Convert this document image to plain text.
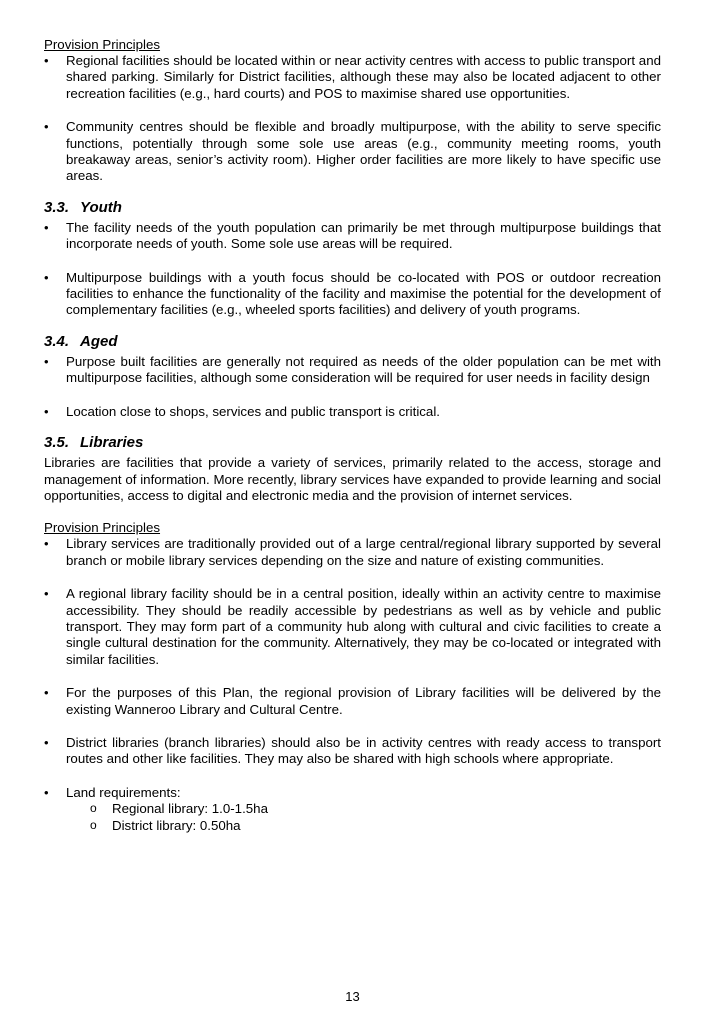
Provision Principles
• Regional facilities should be located within or near activity centres with access to public transport and shared parking. Similarly for District facilities, although these may also be located adjacent to other recreation facilities (e.g., hard courts) and POS to maximise shared use opportunities.
• Community centres should be flexible and broadly multipurpose, with the ability to serve specific functions, potentially through some sole use areas (e.g., community meeting rooms, youth breakaway areas, senior’s activity room). Higher order facilities are more likely to have specific use areas.
3.3. Youth
• The facility needs of the youth population can primarily be met through multipurpose buildings that incorporate needs of youth. Some sole use areas will be required.
• Multipurpose buildings with a youth focus should be co-located with POS or outdoor recreation facilities to enhance the functionality of the facility and maximise the potential for the development of complementary facilities (e.g., wheeled sports facilities) and delivery of youth programs.
3.4. Aged
• Purpose built facilities are generally not required as needs of the older population can be met with multipurpose facilities, although some consideration will be required for user needs in facility design
• Location close to shops, services and public transport is critical.
3.5. Libraries

Libraries are facilities that provide a variety of services, primarily related to the access, storage and management of information. More recently, library services have expanded to provide learning and social opportunities, access to digital and electronic media and the provision of internet services.

Provision Principles
• Library services are traditionally provided out of a large central/regional library supported by several branch or mobile library services depending on the size and nature of existing communities.
• A regional library facility should be in a central position, ideally within an activity centre to maximise accessibility. They should be readily accessible by pedestrians as well as by vehicle and public transport. They may form part of a community hub along with cultural and civic facilities to create a single cultural destination for the community. Alternatively, they may be co-located or integrated with similar facilities.
• For the purposes of this Plan, the regional provision of Library facilities will be delivered by the existing Wanneroo Library and Cultural Centre.
• District libraries (branch libraries) should also be in activity centres with ready access to transport routes and other like facilities. They may also be shared with high schools where appropriate.
• Land requirements:
o Regional library: 1.0-1.5ha
o District library: 0.50ha
13
